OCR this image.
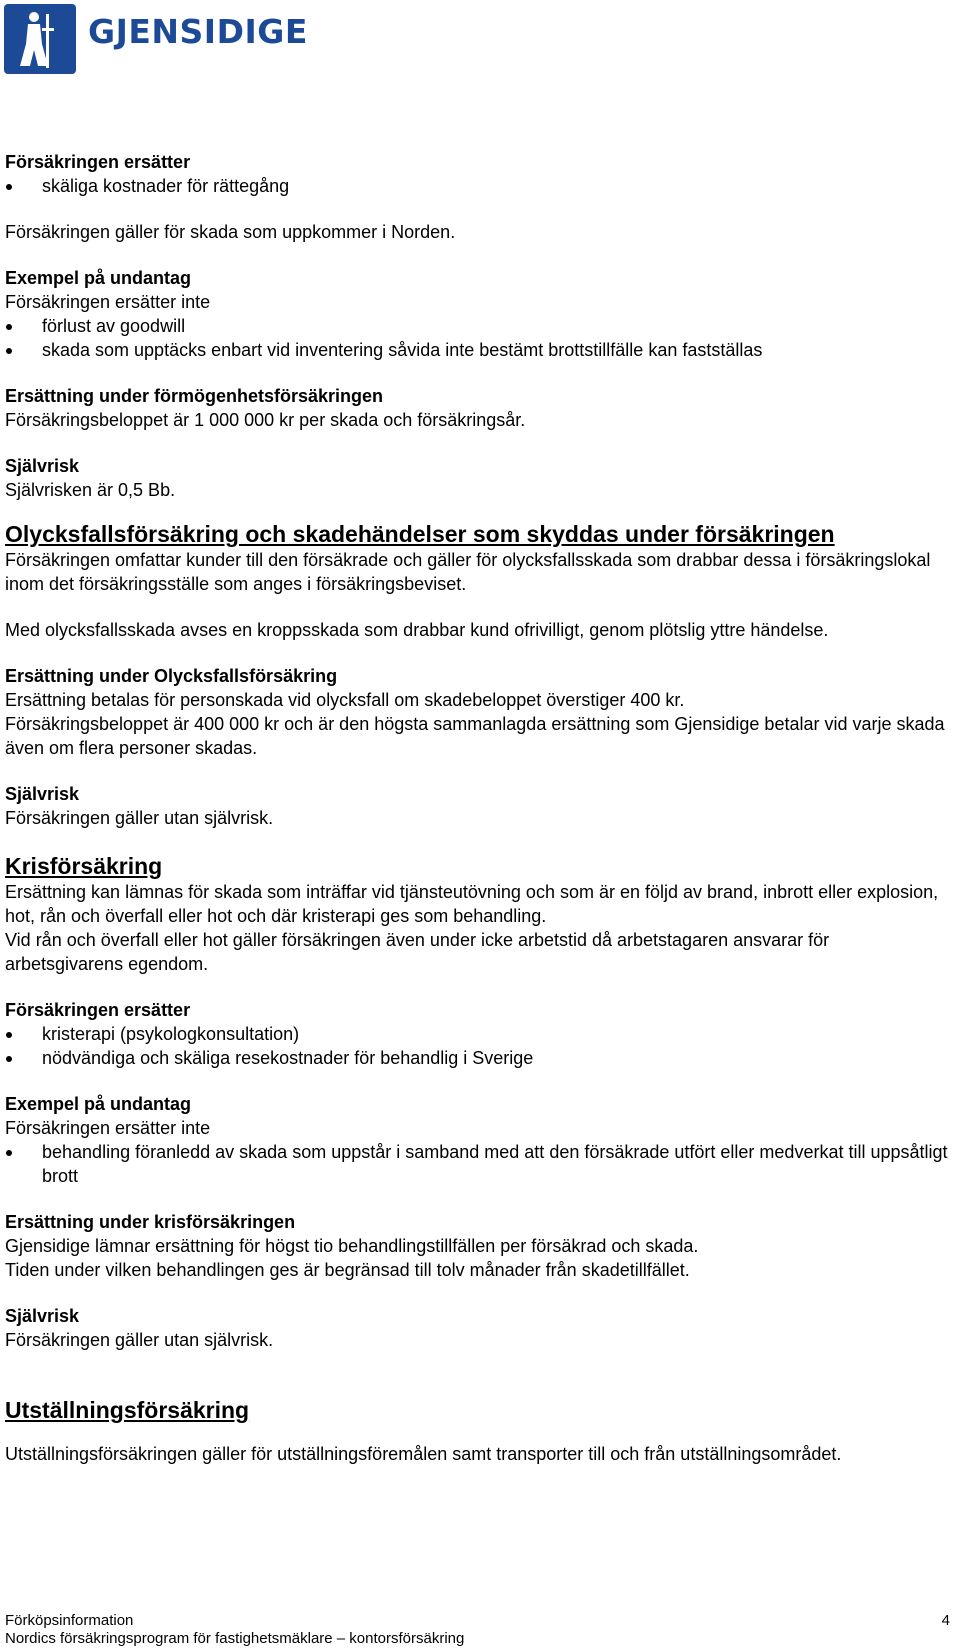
GJENSIDIGE

Försäkringen ersätter

skäliga kostnader för rättegång

Försäkringen gäller för skada som uppkommer i Norden.

Exempel på undantag

Försäkringen ersätter inte

förlust av goodwill
skada som upptäcks enbart vid inventering såvida inte bestämt brottstillfälle kan fastställas

Ersättning under förmögenhetsförsäkringen

Försäkringsbeloppet är 1 000 000 kr per skada och försäkringsår.

Självrisk

Självrisken är 0,5 Bb.

Olycksfallsförsäkring och skadehändelser som skyddas under försäkringen

Försäkringen omfattar kunder till den försäkrade och gäller för olycksfallsskada som drabbar dessa i försäkringslokal inom det försäkringsställe som anges i försäkringsbeviset.

Med olycksfallsskada avses en kroppsskada som drabbar kund ofrivilligt, genom plötslig yttre händelse.

Ersättning under Olycksfallsförsäkring

Ersättning betalas för personskada vid olycksfall om skadebeloppet överstiger 400 kr.

Försäkringsbeloppet är 400 000 kr och är den högsta sammanlagda ersättning som Gjensidige betalar vid varje skada även om flera personer skadas.

Självrisk

Försäkringen gäller utan självrisk.

Krisförsäkring

Ersättning kan lämnas för skada som inträffar vid tjänsteutövning och som är en följd av brand, inbrott eller explosion, hot, rån och överfall eller hot och där kristerapi ges som behandling.

Vid rån och överfall eller hot gäller försäkringen även under icke arbetstid då arbetstagaren ansvarar för arbetsgivarens egendom.

Försäkringen ersätter

kristerapi (psykologkonsultation)
nödvändiga och skäliga resekostnader för behandlig i Sverige

Exempel på undantag

Försäkringen ersätter inte

behandling föranledd av skada som uppstår i samband med att den försäkrade utfört eller medverkat till uppsåtligt brott

Ersättning under krisförsäkringen

Gjensidige lämnar ersättning för högst tio behandlingstillfällen per försäkrad och skada.

Tiden under vilken behandlingen ges är begränsad till tolv månader från skadetillfället.

Självrisk

Försäkringen gäller utan självrisk.

Utställningsförsäkring

Utställningsförsäkringen gäller för utställningsföremålen samt transporter till och från utställningsområdet.

Förköpsinformation
Nordics försäkringsprogram för fastighetsmäklare – kontorsförsäkring
4
